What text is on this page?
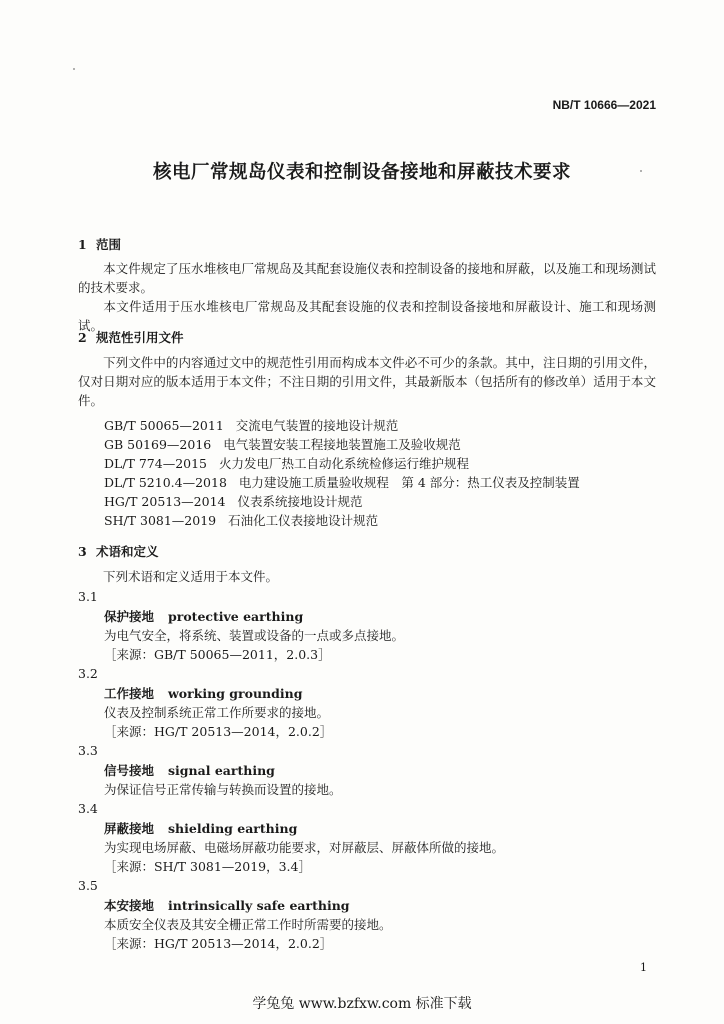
NB/T 10666—2021
核电厂常规岛仪表和控制设备接地和屏蔽技术要求
1 范围
本文件规定了压水堆核电厂常规岛及其配套设施仪表和控制设备的接地和屏蔽，以及施工和现场测试的技术要求。
本文件适用于压水堆核电厂常规岛及其配套设施的仪表和控制设备接地和屏蔽设计、施工和现场测试。
2 规范性引用文件
下列文件中的内容通过文中的规范性引用而构成本文件必不可少的条款。其中，注日期的引用文件，仅对日期对应的版本适用于本文件；不注日期的引用文件，其最新版本（包括所有的修改单）适用于本文件。
GB/T 50065—2011 交流电气装置的接地设计规范
GB 50169—2016 电气装置安装工程接地装置施工及验收规范
DL/T 774—2015 火力发电厂热工自动化系统检修运行维护规程
DL/T 5210.4—2018 电力建设施工质量验收规程　第 4 部分：热工仪表及控制装置
HG/T 20513—2014 仪表系统接地设计规范
SH/T 3081—2019 石油化工仪表接地设计规范
3 术语和定义
下列术语和定义适用于本文件。
3.1
保护接地 protective earthing
为电气安全，将系统、装置或设备的一点或多点接地。
［来源：GB/T 50065—2011，2.0.3］
3.2
工作接地 working grounding
仪表及控制系统正常工作所要求的接地。
［来源：HG/T 20513—2014，2.0.2］
3.3
信号接地 signal earthing
为保证信号正常传输与转换而设置的接地。
3.4
屏蔽接地 shielding earthing
为实现电场屏蔽、电磁场屏蔽功能要求，对屏蔽层、屏蔽体所做的接地。
［来源：SH/T 3081—2019，3.4］
3.5
本安接地 intrinsically safe earthing
本质安全仪表及其安全栅正常工作时所需要的接地。
［来源：HG/T 20513—2014，2.0.2］
1
学兔兔 www.bzfxw.com 标准下载
